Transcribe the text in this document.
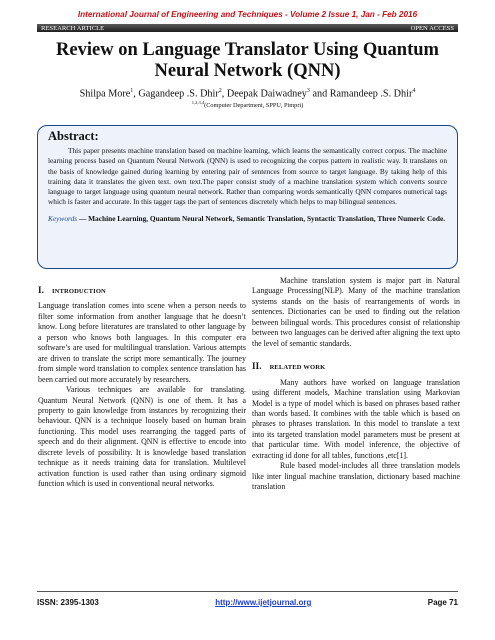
International Journal of Engineering and Techniques - Volume 2 Issue 1, Jan - Feb 2016
RESEARCH ARTICLE	OPEN ACCESS
Review on Language Translator Using Quantum Neural Network (QNN)
Shilpa More$^1$, Gagandeep .S. Dhir$^2$, Deepak Daiwadney$^3$ and Ramandeep .S. Dhir$^4$
$^{1,2,3,4}$(Computer Department, SPPU, Pimpri)
Abstract:

This paper presents machine translation based on machine learning, which learns the semantically correct corpus. The machine learning process based on Quantum Neural Network (QNN) is used to recognizing the corpus pattern in realistic way. It translates on the basis of knowledge gained during learning by entering pair of sentences from source to target language. By taking help of this training data it translates the given text. own text.The paper consist study of a machine translation system which converts source language to target language using quantum neural network. Rather than comparing words semantically QNN compares numerical tags which is faster and accurate. In this tagger tags the part of sentences discretely which helps to map bilingual sentences.

Keywords — Machine Learning, Quantum Neural Network, Semantic Translation, Syntactic Translation, Three Numeric Code.

I. INTRODUCTION

Language translation comes into scene when a person needs to filter some information from another language that he doesn’t know. Long before literatures are translated to other language by a person who knows both languages. In this computer era software’s are used for multilingual translation. Various attempts are driven to translate the script more semantically. The journey from simple word translation to complex sentence translation has been carried out more accurately by researchers.

Various techniques are available for translating. Quantum Neural Network (QNN) is one of them. It has a property to gain knowledge from instances by recognizing their behaviour. QNN is a technique loosely based on human brain functioning. This model uses rearranging the tagged parts of speech and do their alignment. QNN is effective to encode into discrete levels of possibility. It is knowledge based translation technique as it needs training data for translation. Multilevel activation function is used rather than using ordinary sigmoid function which is used in conventional neural networks.

Machine translation system is major part in Natural Language Processing(NLP). Many of the machine translation systems stands on the basis of rearrangements of words in sentences. Dictionaries can be used to finding out the relation between bilingual words. This procedures consist of relationship between two languages can be derived after aligning the text upto the level of semantic standards.

II. RELATED WORK

Many authors have worked on language translation using different models, Machine translation using Markovian Model is a type of model which is based on phrases based rather than words based. It combines with the table which is based on phrases to phrases translation. In this model to translate a text into its targeted translation model parameters must be present at that particular time. With model inference, the objective of extracting id done for all tables, functions ,etc[1].

Rule based model-includes all three translation models like inter lingual machine translation, dictionary based machine translation

ISSN: 2395-1303	http://www.ijetjournal.org	Page 71
